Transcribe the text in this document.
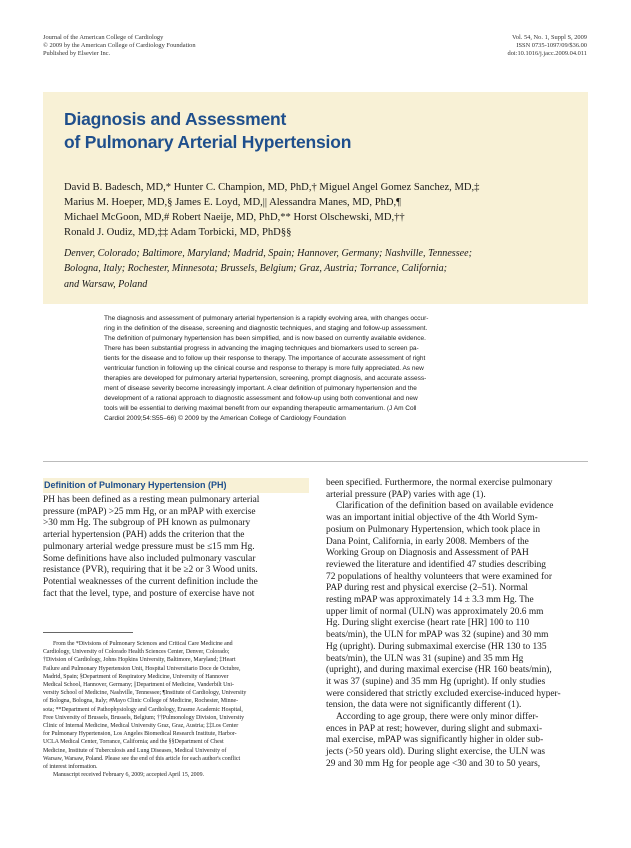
Journal of the American College of Cardiology
© 2009 by the American College of Cardiology Foundation
Published by Elsevier Inc.
Vol. 54, No. 1, Suppl S, 2009
ISSN 0735-1097/09/$36.00
doi:10.1016/j.jacc.2009.04.011
Diagnosis and Assessment
of Pulmonary Arterial Hypertension
David B. Badesch, MD,* Hunter C. Champion, MD, PhD,† Miguel Angel Gomez Sanchez, MD,‡
Marius M. Hoeper, MD,§ James E. Loyd, MD,|| Alessandra Manes, MD, PhD,¶
Michael McGoon, MD,# Robert Naeije, MD, PhD,** Horst Olschewski, MD,††
Ronald J. Oudiz, MD,‡‡ Adam Torbicki, MD, PhD§§
Denver, Colorado; Baltimore, Maryland; Madrid, Spain; Hannover, Germany; Nashville, Tennessee;
Bologna, Italy; Rochester, Minnesota; Brussels, Belgium; Graz, Austria; Torrance, California;
and Warsaw, Poland
The diagnosis and assessment of pulmonary arterial hypertension is a rapidly evolving area, with changes occur-
ring in the definition of the disease, screening and diagnostic techniques, and staging and follow-up assessment.
The definition of pulmonary hypertension has been simplified, and is now based on currently available evidence.
There has been substantial progress in advancing the imaging techniques and biomarkers used to screen pa-
tients for the disease and to follow up their response to therapy. The importance of accurate assessment of right
ventricular function in following up the clinical course and response to therapy is more fully appreciated. As new
therapies are developed for pulmonary arterial hypertension, screening, prompt diagnosis, and accurate assess-
ment of disease severity become increasingly important. A clear definition of pulmonary hypertension and the
development of a rational approach to diagnostic assessment and follow-up using both conventional and new
tools will be essential to deriving maximal benefit from our expanding therapeutic armamentarium. (J Am Coll
Cardiol 2009;54:S55–66) © 2009 by the American College of Cardiology Foundation
Definition of Pulmonary Hypertension (PH)
PH has been defined as a resting mean pulmonary arterial
pressure (mPAP) >25 mm Hg, or an mPAP with exercise
>30 mm Hg. The subgroup of PH known as pulmonary
arterial hypertension (PAH) adds the criterion that the
pulmonary arterial wedge pressure must be ≤15 mm Hg.
Some definitions have also included pulmonary vascular
resistance (PVR), requiring that it be ≥2 or 3 Wood units.
Potential weaknesses of the current definition include the
fact that the level, type, and posture of exercise have not
From the *Divisions of Pulmonary Sciences and Critical Care Medicine and
Cardiology, University of Colorado Health Sciences Center, Denver, Colorado;
†Division of Cardiology, Johns Hopkins University, Baltimore, Maryland; ‡Heart
Failure and Pulmonary Hypertension Unit, Hospital Universitario Doce de Octubre,
Madrid, Spain; §Department of Respiratory Medicine, University of Hannover
Medical School, Hannover, Germany; ||Department of Medicine, Vanderbilt Uni-
versity School of Medicine, Nashville, Tennessee; ¶Institute of Cardiology, University
of Bologna, Bologna, Italy; #Mayo Clinic College of Medicine, Rochester, Minne-
sota; **Department of Pathophysiology and Cardiology, Erasme Academic Hospital,
Free University of Brussels, Brussels, Belgium; ††Pulmonology Division, University
Clinic of Internal Medicine, Medical University Graz, Graz, Austria; ‡‡Los Center
for Pulmonary Hypertension, Los Angeles Biomedical Research Institute, Harbor-
UCLA Medical Center, Torrance, California; and the §§Department of Chest
Medicine, Institute of Tuberculosis and Lung Diseases, Medical University of
Warsaw, Warsaw, Poland. Please see the end of this article for each author's conflict
of interest information.
Manuscript received February 6, 2009; accepted April 15, 2009.
been specified. Furthermore, the normal exercise pulmonary
arterial pressure (PAP) varies with age (1).
Clarification of the definition based on available evidence
was an important initial objective of the 4th World Sym-
posium on Pulmonary Hypertension, which took place in
Dana Point, California, in early 2008. Members of the
Working Group on Diagnosis and Assessment of PAH
reviewed the literature and identified 47 studies describing
72 populations of healthy volunteers that were examined for
PAP during rest and physical exercise (2–51). Normal
resting mPAP was approximately 14 ± 3.3 mm Hg. The
upper limit of normal (ULN) was approximately 20.6 mm
Hg. During slight exercise (heart rate [HR] 100 to 110
beats/min), the ULN for mPAP was 32 (supine) and 30 mm
Hg (upright). During submaximal exercise (HR 130 to 135
beats/min), the ULN was 31 (supine) and 35 mm Hg
(upright), and during maximal exercise (HR 160 beats/min),
it was 37 (supine) and 35 mm Hg (upright). If only studies
were considered that strictly excluded exercise-induced hyper-
tension, the data were not significantly different (1).
According to age group, there were only minor differ-
ences in PAP at rest; however, during slight and submaxi-
mal exercise, mPAP was significantly higher in older sub-
jects (>50 years old). During slight exercise, the ULN was
29 and 30 mm Hg for people age <30 and 30 to 50 years,
